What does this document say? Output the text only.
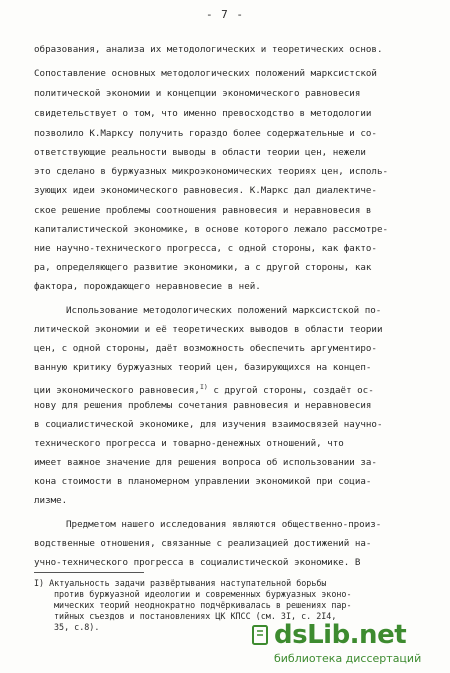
- 7 -
образования, анализа их методологических и теоретических основ.
Сопоставление основных методологических положений марксистской
политической экономии и концепции экономического равновесия
свидетельствует о том, что именно превосходство в методологии
позволило К.Марксу получить гораздо более содержательные и со-
ответствующие реальности выводы в области теории цен, нежели
это сделано в буржуазных микроэкономических теориях цен, исполь-
зующих идеи экономического равновесия. К.Маркс дал диалектиче-
ское решение проблемы соотношения равновесия и неравновесия в
капиталистической экономике, в основе которого лежало рассмотре-
ние научно-технического прогресса, с одной стороны, как факто-
ра, определяющего развитие экономики, а с другой стороны, как
фактора, порождающего неравновесие в ней.
Использование методологических положений марксистской по-
литической экономии и её теоретических выводов в области теории
цен, с одной стороны, даёт возможность обеспечить аргументиро-
ванную критику буржуазных теорий цен, базирующихся на концеп-
ции экономического равновесия,$^{I)}$ с другой стороны, создаёт ос-
нову для решения проблемы сочетания равновесия и неравновесия
в социалистической экономике, для изучения взаимосвязей научно-
технического прогресса и товарно-денежных отношений, что
имеет важное значение для решения вопроса об использовании за-
кона стоимости в планомерном управлении экономикой при социа-
лизме.
Предметом нашего исследования являются общественно-произ-
водственные отношения, связанные с реализацией достижений на-
учно-технического прогресса в социалистической экономике. В
I) Актуальность задачи развёртывания наступательной борьбы
против буржуазной идеологии и современных буржуазных эконо-
мических теорий неоднократно подчёркивалась в решениях пар-
тийных съездов и постановлениях ЦК КПСС (см. 3I, с. 2I4,
35, с.8).	dsLib.net
библиотека диссертаций
